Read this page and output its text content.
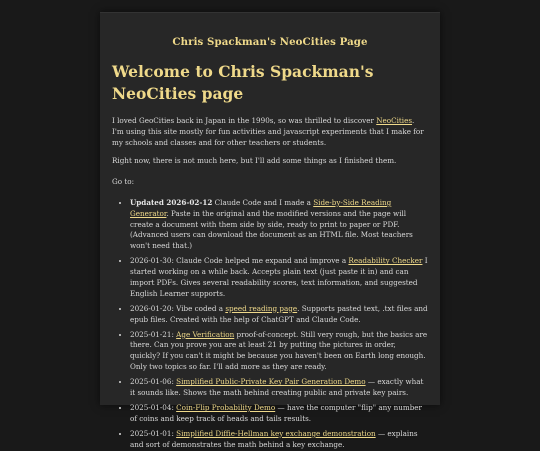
Chris Spackman's NeoCities Page
Welcome to Chris Spackman's NeoCities page

I loved GeoCities back in Japan in the 1990s, so was thrilled to discover NeoCities. I'm using this site mostly for fun activities and javascript experiments that I make for my schools and classes and for other teachers or students.

Right now, there is not much here, but I'll add some things as I finished them.

Go to:

• Updated 2026-02-12 Claude Code and I made a Side-by-Side Reading Generator. Paste in the original and the modified versions and the page will create a document with them side by side, ready to print to paper or PDF. (Advanced users can download the document as an HTML file. Most teachers won't need that.)
• 2026-01-30: Claude Code helped me expand and improve a Readability Checker I started working on a while back. Accepts plain text (just paste it in) and can import PDFs. Gives several readability scores, text information, and suggested English Learner supports.
• 2026-01-20: Vibe coded a speed reading page. Supports pasted text, .txt files and epub files. Created with the help of ChatGPT and Claude Code.
• 2025-01-21: Age Verification proof-of-concept. Still very rough, but the basics are there. Can you prove you are at least 21 by putting the pictures in order, quickly? If you can't it might be because you haven't been on Earth long enough. Only two topics so far. I'll add more as they are ready.
• 2025-01-06: Simplified Public-Private Key Pair Generation Demo — exactly what it sounds like. Shows the math behind creating public and private key pairs.
• 2025-01-04: Coin-Flip Probability Demo — have the computer "flip" any number of coins and keep track of heads and tails results.
• 2025-01-01: Simplified Diffie-Hellman key exchange demonstration — explains and sort of demonstrates the math behind a key exchange.
